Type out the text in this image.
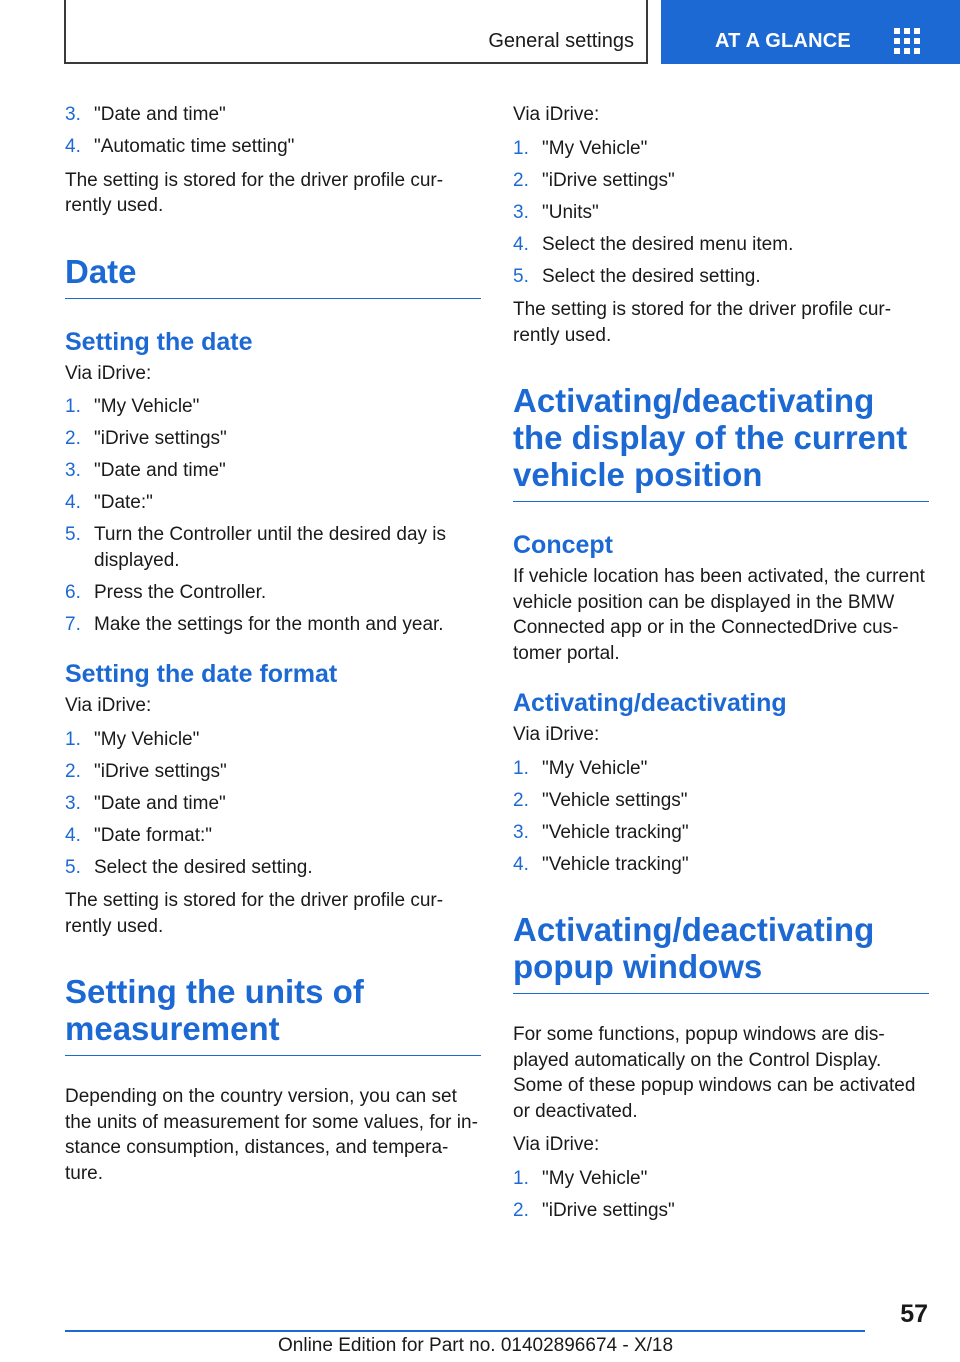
General settings	AT A GLANCE
3. "Date and time"
4. "Automatic time setting"

The setting is stored for the driver profile cur‐rently used.

Date
Setting the date

Via iDrive:

1. "My Vehicle"
2. "iDrive settings"
3. "Date and time"
4. "Date:"
5. Turn the Controller until the desired day is displayed.
6. Press the Controller.
7. Make the settings for the month and year.
Setting the date format

Via iDrive:

1. "My Vehicle"
2. "iDrive settings"
3. "Date and time"
4. "Date format:"
5. Select the desired setting.

The setting is stored for the driver profile cur‐rently used.

Setting the units of measurement

Depending on the country version, you can set the units of measurement for some values, for in‐stance consumption, distances, and tempera‐ture.

Via iDrive:

1. "My Vehicle"
2. "iDrive settings"
3. "Units"
4. Select the desired menu item.
5. Select the desired setting.

The setting is stored for the driver profile cur‐rently used.

Activating/deactivating the display of the current vehicle position
Concept

If vehicle location has been activated, the current vehicle position can be displayed in the BMW Connected app or in the ConnectedDrive cus‐tomer portal.

Activating/deactivating

Via iDrive:

1. "My Vehicle"
2. "Vehicle settings"
3. "Vehicle tracking"
4. "Vehicle tracking"
Activating/deactivating popup windows

For some functions, popup windows are dis‐played automatically on the Control Display. Some of these popup windows can be activated or deactivated.

Via iDrive:

1. "My Vehicle"
2. "iDrive settings"
57
Online Edition for Part no. 01402896674 - X/18
